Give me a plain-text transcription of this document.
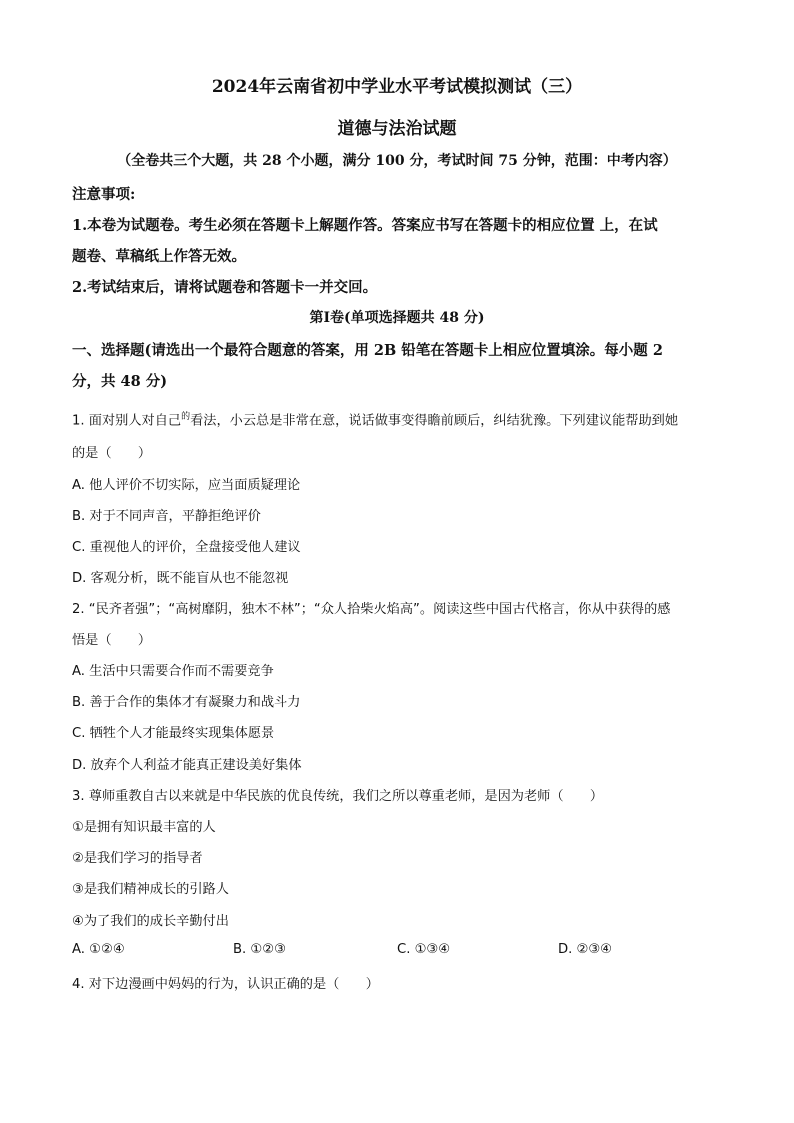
2024年云南省初中学业水平考试模拟测试（三）
道德与法治试题
（全卷共三个大题，共 28 个小题，满分 100 分，考试时间 75 分钟，范围：中考内容）
注意事项:
1.本卷为试题卷。考生必须在答题卡上解题作答。答案应书写在答题卡的相应位置 上，在试
题卷、草稿纸上作答无效。
2.考试结束后，请将试题卷和答题卡一并交回。
第Ⅰ卷(单项选择题共 48 分)
一、选择题(请选出一个最符合题意的答案，用 2B 铅笔在答题卡上相应位置填涂。每小题 2
分，共 48 分)
1. 面对别人对自己$^的$看法，小云总是非常在意，说话做事变得瞻前顾后，纠结犹豫。下列建议能帮助到她
的是（　　）
A. 他人评价不切实际，应当面质疑理论
B. 对于不同声音，平静拒绝评价
C. 重视他人的评价，全盘接受他人建议
D. 客观分析，既不能盲从也不能忽视
2. “民齐者强”；“高树靡阴，独木不林”；“众人拾柴火焰高”。阅读这些中国古代格言，你从中获得的感
悟是（　　）
A. 生活中只需要合作而不需要竞争
B. 善于合作的集体才有凝聚力和战斗力
C. 牺牲个人才能最终实现集体愿景
D. 放弃个人利益才能真正建设美好集体
3. 尊师重教自古以来就是中华民族的优良传统，我们之所以尊重老师，是因为老师（　　）
①是拥有知识最丰富的人
②是我们学习的指导者
③是我们精神成长的引路人
④为了我们的成长辛勤付出
A. ①②④	B. ①②③	C. ①③④	D. ②③④
4. 对下边漫画中妈妈的行为，认识正确的是（　　）
